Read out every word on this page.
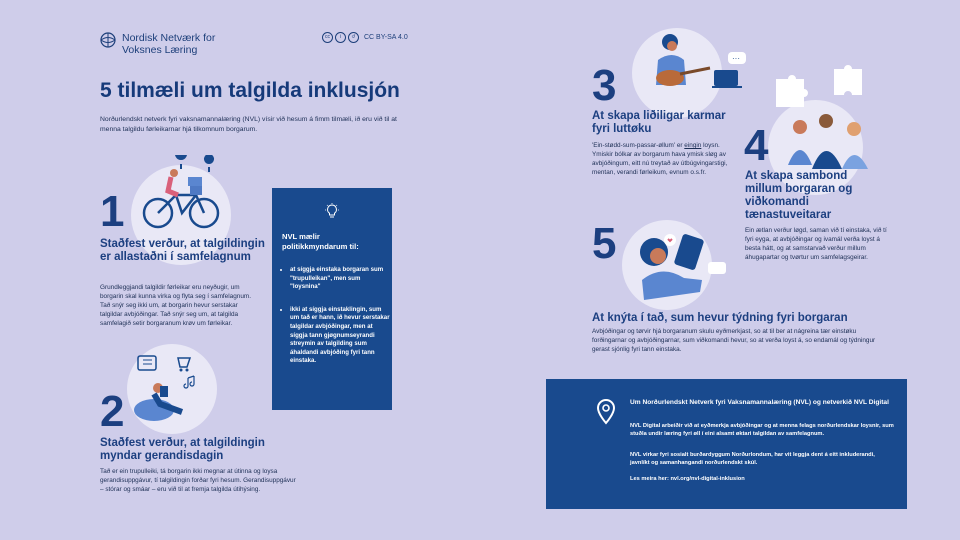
Nordisk Netværk for
Voksnes Læring
cc	i	↺	CC BY-SA 4.0
5 tilmæli um talgilda inklusjón
Norðurlendskt netverk fyri vaksnamannalæring (NVL) vísir við hesum á fimm tilmæli, ið eru við til at menna talgildu førleikarnar hjá tilkomnum borgarum.
1
Staðfest verður, at talgildingin er allastaðni í samfelagnum
Grundleggjandi talgildir førleikar eru neyðugir, um borgarin skal kunna virka og flyta seg í samfelagnum. Tað snýr seg ikki um, at borgarin hevur serstakar talgildar avbjóðingar. Tað snýr seg um, at talgilda samfelagið setir borgaranum krøv um førleikar.
2
Staðfest verður, at talgildingin myndar gerandisdagin
Tað er ein trupulleiki, tá borgarin ikki megnar at útinna og loysa gerandisuppgávur, tí talgildingin forðar fyri hesum. Gerandisuppgávur – stórar og smáar – eru við til at fremja talgilda útihýsing.
NVL mælir politikkmyndarum til:
• at síggja einstaka borgaran sum "trupulleikan", men sum "loysnina"
• ikki at síggja einstaklingin, sum um tað er hann, ið hevur serstakar talgildar avbjóðingar, men at síggja tann gjøgnumseyrandi streymin av talgilding sum áhaldandi avbjóðing fyri tann einstaka.
···
3
At skapa liðiligar karmar fyri luttøku
'Ein-stødd-sum-passar-øllum' er eingin loysn. Ymiskir bólkar av borgarum hava ymisk sløg av avbjóðingum, eitt nú treytað av útbúgvingarstigi, mentan, verandi førleikum, evnum o.s.fr.
4
At skapa sambond millum borgaran og viðkomandi tænastuveitarar
Ein ætlan verður løgd, saman við tí einstaka, við tí fyri eyga, at avbjóðingar og ivamál verða loyst á besta hátt, og at samstarvað verður millum áhugapartar og tvørtur um samfelagsgeirar.
5
At knýta í tað, sum hevur týdning fyri borgaran
Avbjóðingar og tørvir hjá borgaranum skulu eyðmerkjast, so at til ber at nágreina tær einstøku forðingarnar og avbjóðingarnar, sum viðkomandi hevur, so at verða loyst á, so endamál og týdningur gerast sjónlig fyri tann einstaka.
Um Norðurlendskt Netverk fyri Vaksnamannalæring (NVL) og netverkið NVL Digital
NVL Digital arbeiðir við at eyðmerkja avbjóðingar og at menna felags norðurlendskar loysnir, sum stuðla undir læring fyri øll í eini alsamt øktari talgildan av samfelagnum.
NVL virkar fyri sosialt burðardyggum Norðurlondum, har vit leggja dent á eitt inkluderandi, javnlíkt og samanhangandi norðurlendskt skúl.
Les meira her: nvl.org/nvl-digital-inklusion
